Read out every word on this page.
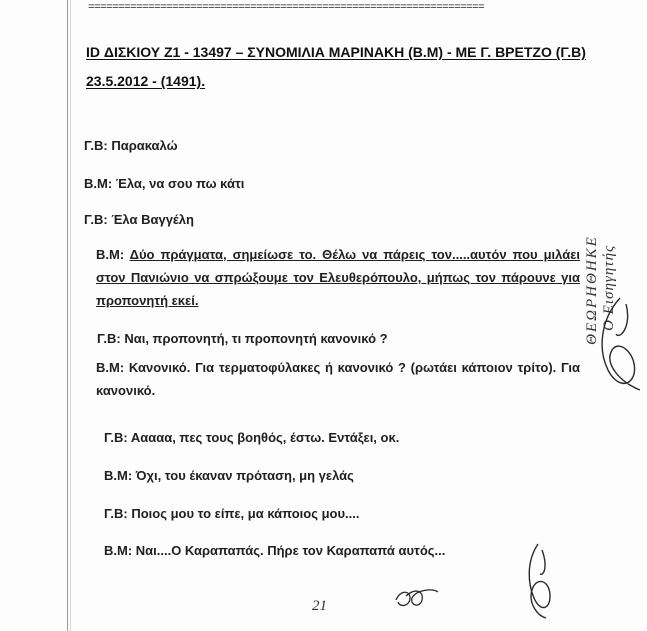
==================================================================
ID ΔΙΣΚΙΟΥ Ζ1 - 13497 – ΣΥΝΟΜΙΛΙΑ ΜΑΡΙΝΑΚΗ (Β.Μ) - ΜΕ Γ. ΒΡΕΤΖΟ (Γ.Β)
23.5.2012 - (1491).
Γ.Β: Παρακαλώ
Β.Μ: Έλα, να σου πω κάτι
Γ.Β: Έλα Βαγγέλη
Β.Μ: Δύο πράγματα, σημείωσε το. Θέλω να πάρεις τον.....αυτόν που μιλάει στον Πανιώνιο να σπρώξουμε τον Ελευθερόπουλο, μήπως τον πάρουνε για προπονητή εκεί.
Γ.Β: Ναι, προπονητή, τι προπονητή κανονικό ?
Β.Μ: Κανονικό. Για τερματοφύλακες ή κανονικό ? (ρωτάει κάποιον τρίτο). Για κανονικό.
Γ.Β: Ααααα, πες τους βοηθός, έστω. Εντάξει, οκ.
Β.Μ: Όχι, του έκαναν πρόταση, μη γελάς
Γ.Β: Ποιος μου το είπε, μα κάποιος μου....
Β.Μ: Ναι....Ο Καραπαπάς. Πήρε τον Καραπαπά αυτός...
ΘΕΩΡΗΘΗΚΕ Ο Εισηγητής
21
